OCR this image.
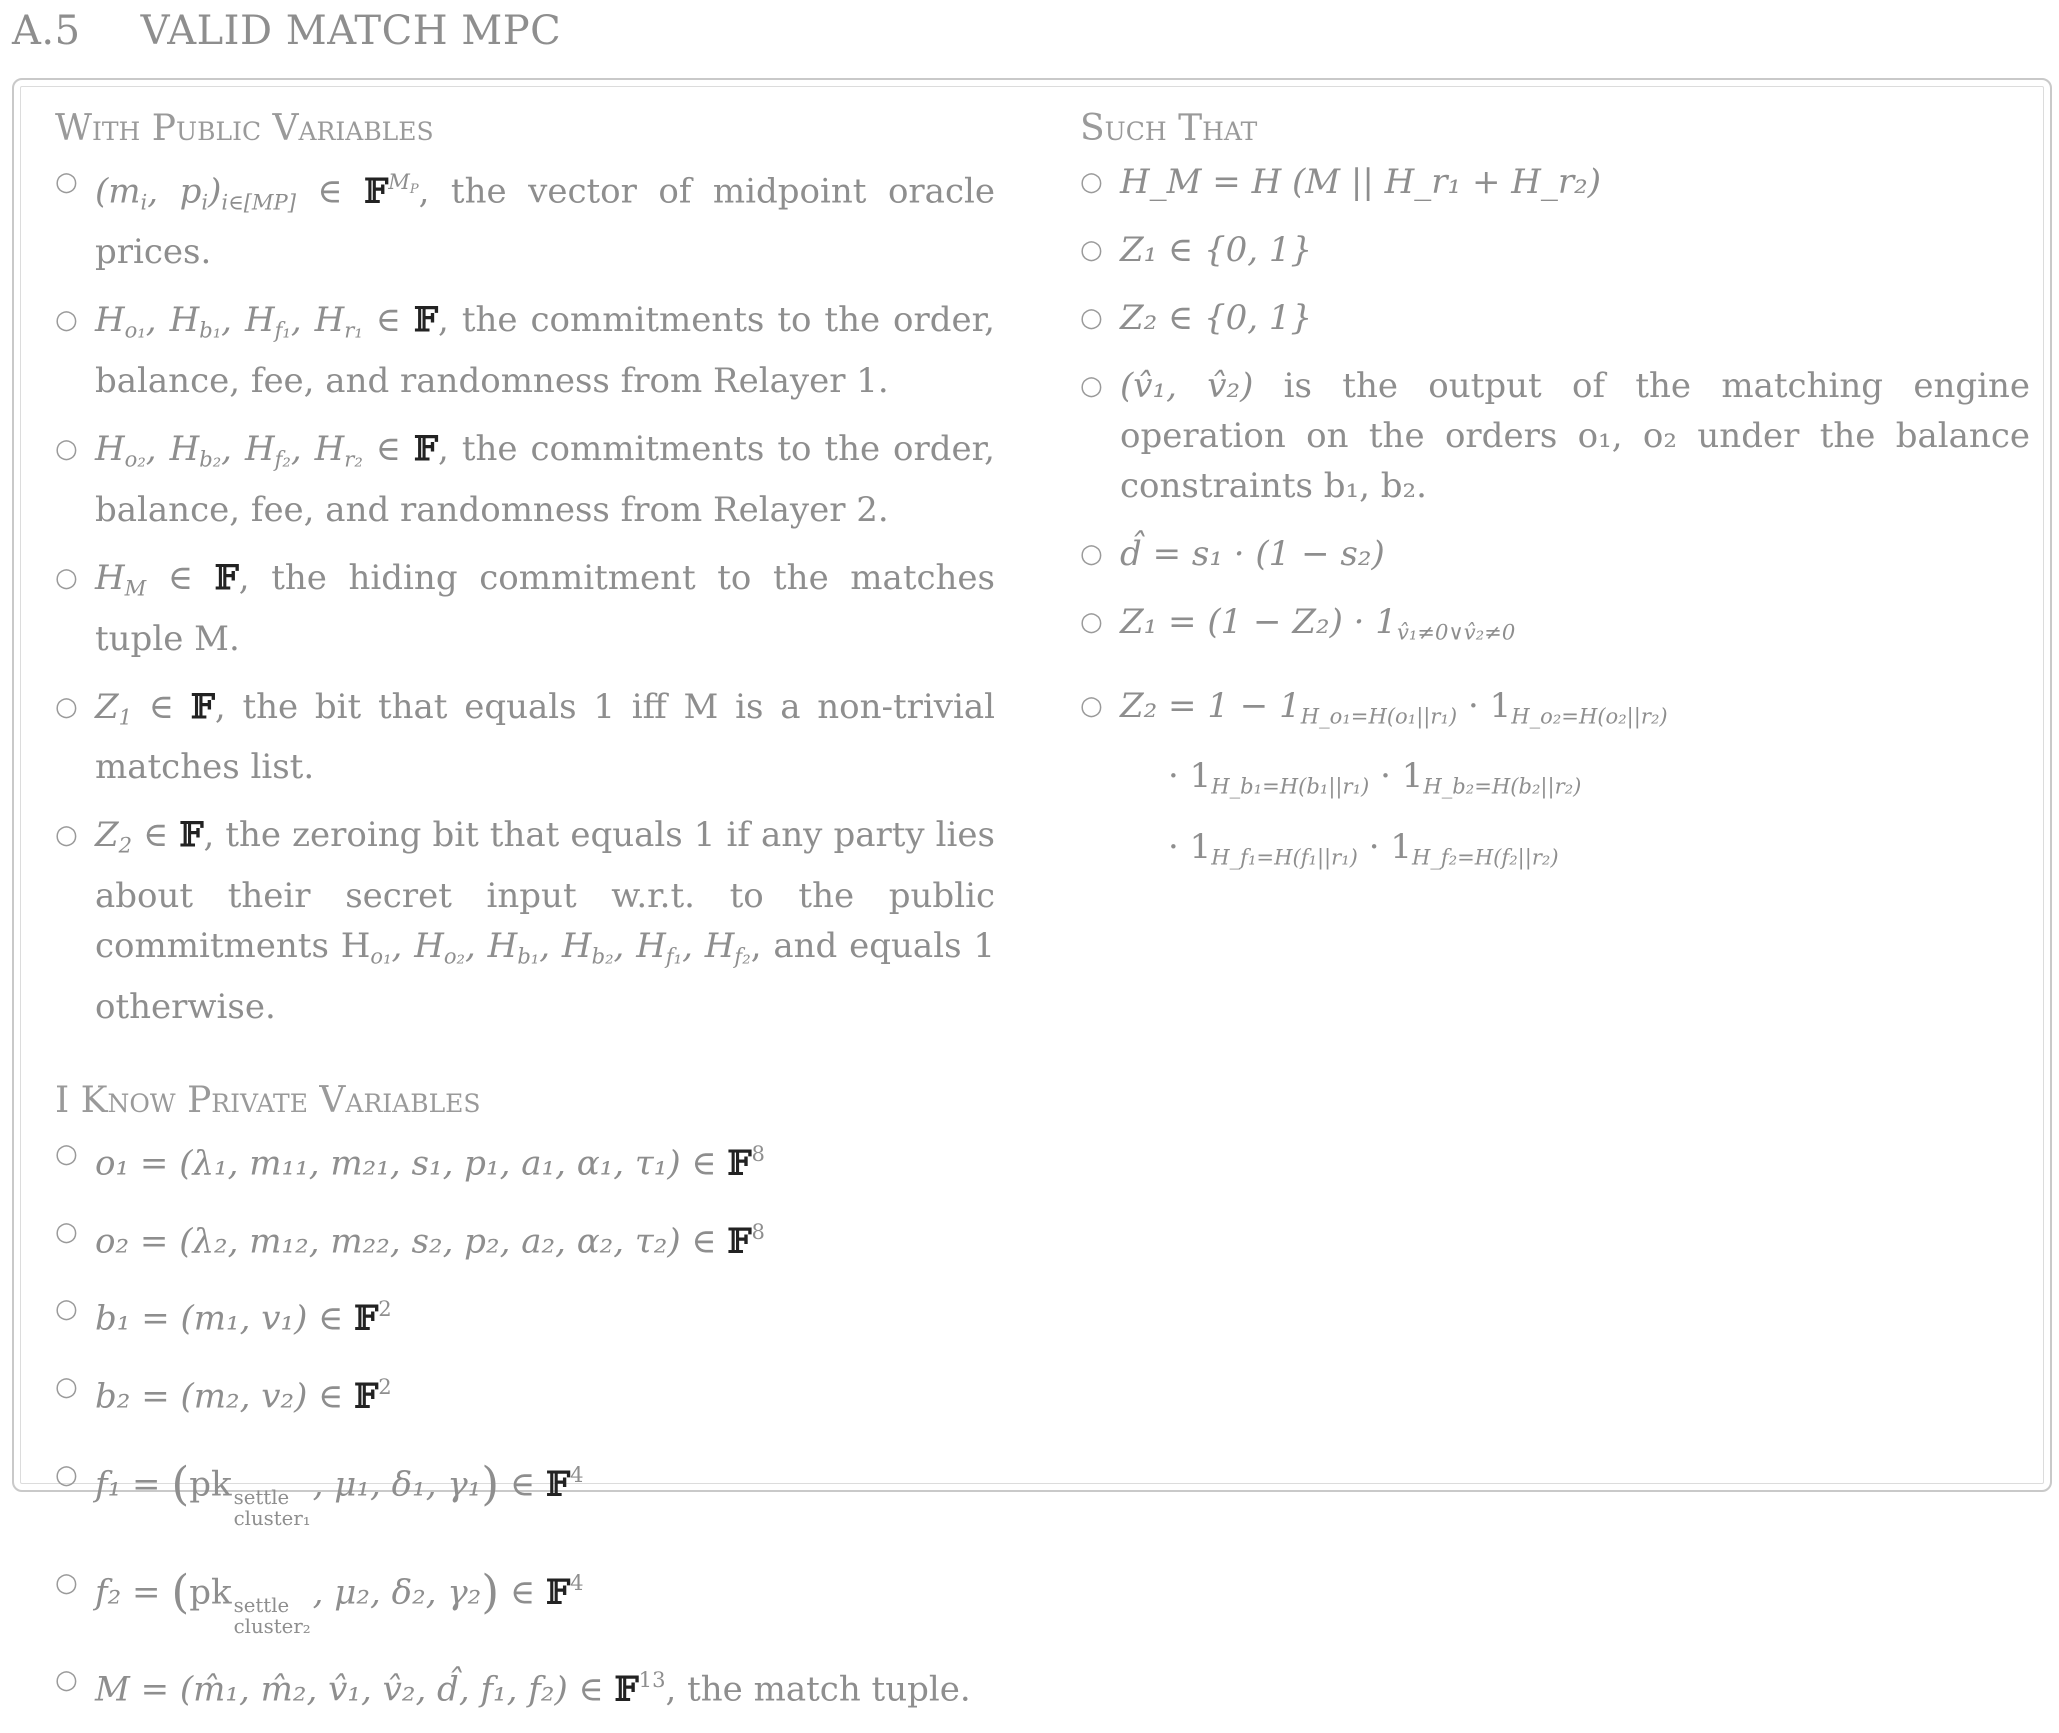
A.5 VALID MATCH MPC
With Public Variables
○ (mi, pi)i∈[MP] ∈ 𝔽$^{MP}$, the vector of midpoint oracle prices.
○ Ho₁, Hb₁, Hf₁, Hr₁ ∈ 𝔽, the commitments to the order, balance, fee, and randomness from Relayer 1.
○ Ho₂, Hb₂, Hf₂, Hr₂ ∈ 𝔽, the commitments to the order, balance, fee, and randomness from Relayer 2.
○ HM ∈ 𝔽, the hiding commitment to the matches tuple M.
○ Z1 ∈ 𝔽, the bit that equals 1 iff M is a non-trivial matches list.
○ Z2 ∈ 𝔽, the zeroing bit that equals 1 if any party lies about their secret input w.r.t. to the public commitments Ho₁, Ho₂, Hb₁, Hb₂, Hf₁, Hf₂, and equals 1 otherwise.
I Know Private Variables
○ o₁ = (λ₁, m₁₁, m₂₁, s₁, p₁, a₁, α₁, τ₁) ∈ 𝔽$^8$
○ o₂ = (λ₂, m₁₂, m₂₂, s₂, p₂, a₂, α₂, τ₂) ∈ 𝔽$^8$
○ b₁ = (m₁, v₁) ∈ 𝔽$^2$
○ b₂ = (m₂, v₂) ∈ 𝔽$^2$
○ f₁ = (pk settle
cluster₁
, μ₁, δ₁, γ₁) ∈ 𝔽$^4$
○ f₂ = (pk settle
cluster₂
, μ₂, δ₂, γ₂) ∈ 𝔽$^4$
○ M = (m̂₁, m̂₂, v̂₁, v̂₂, d̂, f₁, f₂) ∈ 𝔽$^{13}$, the match tuple.
Such That
○ H_M = H (M || H_r₁ + H_r₂)
○ Z₁ ∈ {0, 1}
○ Z₂ ∈ {0, 1}
○ (v̂₁, v̂₂) is the output of the matching engine operation on the orders o₁, o₂ under the balance constraints b₁, b₂.
○ d̂ = s₁ · (1 − s₂)
○ Z₁ = (1 − Z₂) · 1v̂₁≠0∨v̂₂≠0
○ Z₂ = 1 − 1H_o₁=H(o₁||r₁) · 1H_o₂=H(o₂||r₂)
· 1H_b₁=H(b₁||r₁) · 1H_b₂=H(b₂||r₂)
· 1H_f₁=H(f₁||r₁) · 1H_f₂=H(f₂||r₂)
